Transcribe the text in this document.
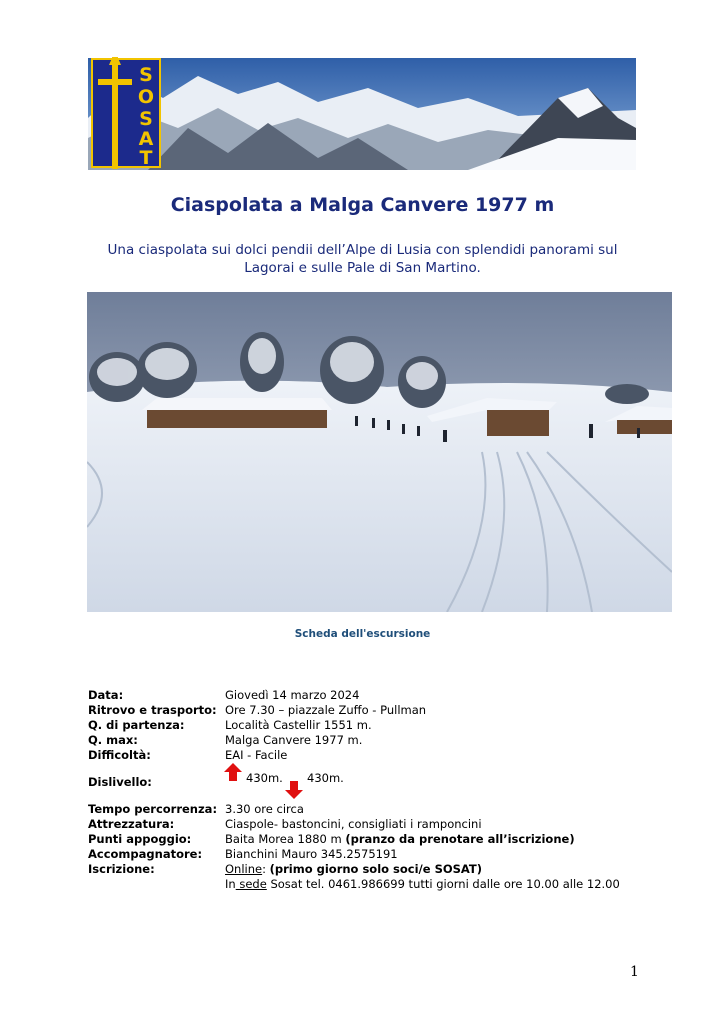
S
O
S
A
T
Ciaspolata a Malga Canvere 1977 m
Una ciaspolata sui dolci pendii dell’Alpe di Lusia con splendidi panorami sul Lagorai e sulle Pale di San Martino.
Scheda dell'escursione
Data:	Giovedì 14 marzo 2024
Ritrovo e trasporto: Ore 7.30 – piazzale Zuffo - Pullman
Q. di partenza:	Località Castellir 1551 m.
Q. max:	Malga Canvere 1977 m.
Difficoltà:	EAI - Facile
Dislivello:	430m. 430m.
Tempo percorrenza: 3.30 ore circa
Attrezzatura:	Ciaspole- bastoncini, consigliati i ramponcini
Punti appoggio:	Baita Morea 1880 m (pranzo da prenotare all’iscrizione)
Accompagnatore: Bianchini Mauro 345.2575191
Iscrizione:	Online: (primo giorno solo soci/e SOSAT)
In sede Sosat tel. 0461.986699 tutti giorni dalle ore 10.00 alle 12.00
1
